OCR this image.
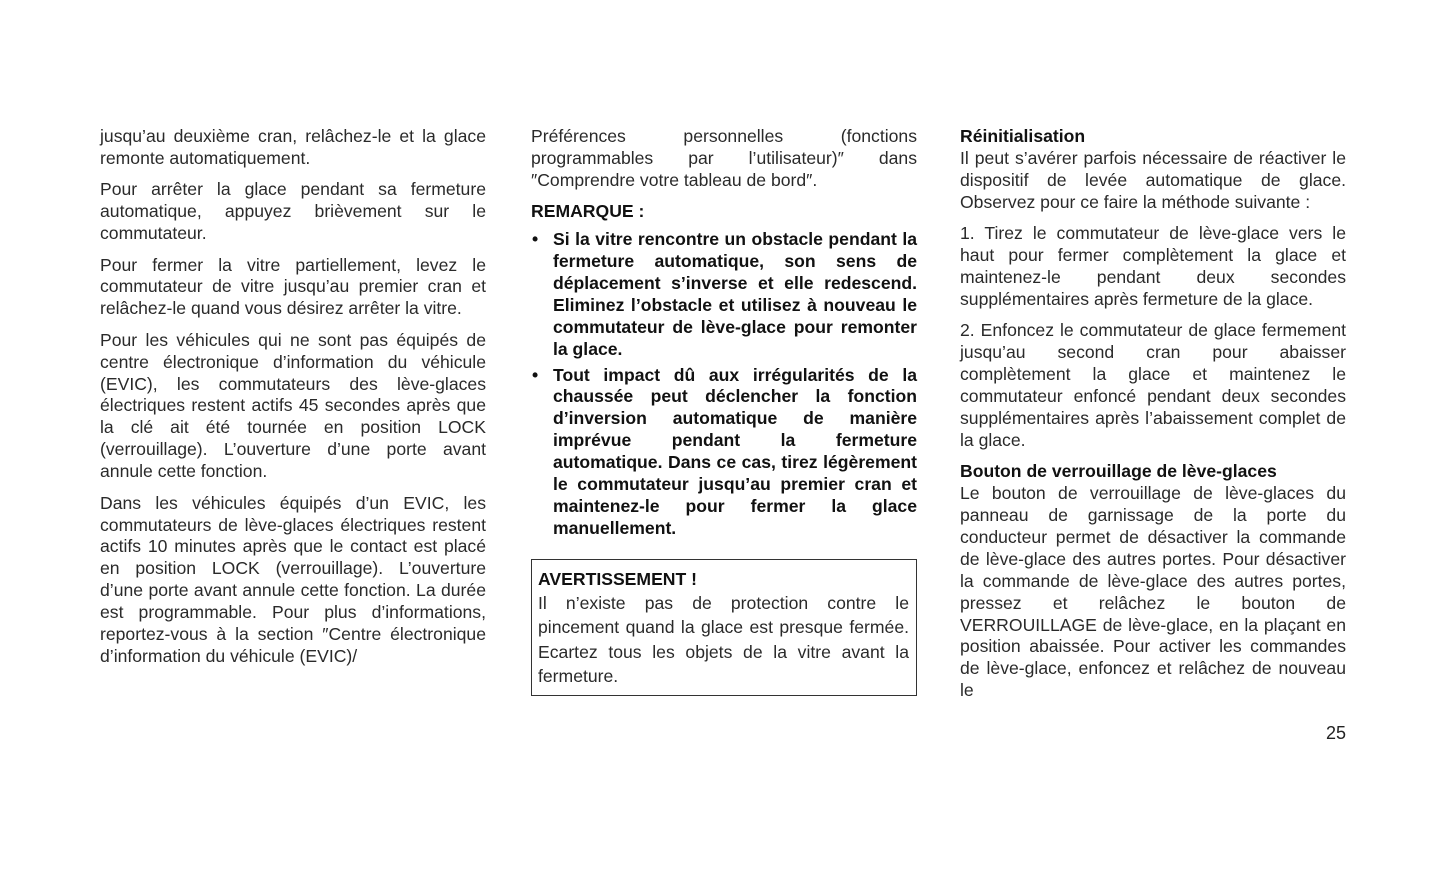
jusqu’au deuxième cran, relâchez-le et la glace remonte automatiquement.

Pour arrêter la glace pendant sa fermeture automatique, appuyez brièvement sur le commutateur.

Pour fermer la vitre partiellement, levez le commutateur de vitre jusqu’au premier cran et relâchez-le quand vous désirez arrêter la vitre.

Pour les véhicules qui ne sont pas équipés de centre électronique d’information du véhicule (EVIC), les commutateurs des lève-glaces électriques restent actifs 45 secondes après que la clé ait été tournée en position LOCK (verrouillage). L’ouverture d’une porte avant annule cette fonction.

Dans les véhicules équipés d’un EVIC, les commutateurs de lève-glaces électriques restent actifs 10 minutes après que le contact est placé en position LOCK (verrouillage). L’ouverture d’une porte avant annule cette fonction. La durée est programmable. Pour plus d’informations, reportez-vous à la section ″Centre électronique d’information du véhicule (EVIC)/

Préférences personnelles (fonctions programmables par l’utilisateur)″ dans ″Comprendre votre tableau de bord″.

REMARQUE :

• Si la vitre rencontre un obstacle pendant la fermeture automatique, son sens de déplacement s’inverse et elle redescend. Eliminez l’obstacle et utilisez à nouveau le commutateur de lève-glace pour remonter la glace.
• Tout impact dû aux irrégularités de la chaussée peut déclencher la fonction d’inversion automatique de manière imprévue pendant la fermeture automatique. Dans ce cas, tirez légèrement le commutateur jusqu’au premier cran et maintenez-le pour fermer la glace manuellement.
AVERTISSEMENT !

Il n’existe pas de protection contre le pincement quand la glace est presque fermée. Ecartez tous les objets de la vitre avant la fermeture.

Réinitialisation

Il peut s’avérer parfois nécessaire de réactiver le dispositif de levée automatique de glace. Observez pour ce faire la méthode suivante :

1. Tirez le commutateur de lève-glace vers le haut pour fermer complètement la glace et maintenez-le pendant deux secondes supplémentaires après fermeture de la glace.

2. Enfoncez le commutateur de glace fermement jusqu’au second cran pour abaisser complètement la glace et maintenez le commutateur enfoncé pendant deux secondes supplémentaires après l’abaissement complet de la glace.

Bouton de verrouillage de lève-glaces

Le bouton de verrouillage de lève-glaces du panneau de garnissage de la porte du conducteur permet de désactiver la commande de lève-glace des autres portes. Pour désactiver la commande de lève-glace des autres portes, pressez et relâchez le bouton de VERROUILLAGE de lève-glace, en la plaçant en position abaissée. Pour activer les commandes de lève-glace, enfoncez et relâchez de nouveau le

25
